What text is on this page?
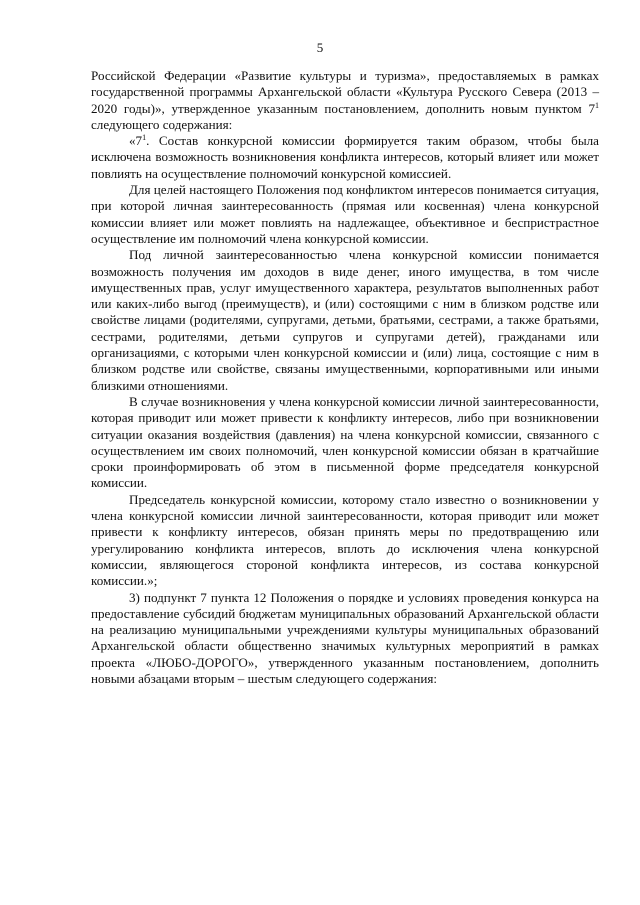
5

Российской Федерации «Развитие культуры и туризма», предоставляемых в рамках государственной программы Архангельской области «Культура Русского Севера (2013 – 2020 годы)», утвержденное указанным постановлением, дополнить новым пунктом $7^1$ следующего содержания:

«$7^1$. Состав конкурсной комиссии формируется таким образом, чтобы была исключена возможность возникновения конфликта интересов, который влияет или может повлиять на осуществление полномочий конкурсной комиссией.

Для целей настоящего Положения под конфликтом интересов понимается ситуация, при которой личная заинтересованность (прямая или косвенная) члена конкурсной комиссии влияет или может повлиять на надлежащее, объективное и беспристрастное осуществление им полномочий члена конкурсной комиссии.

Под личной заинтересованностью члена конкурсной комиссии понимается возможность получения им доходов в виде денег, иного имущества, в том числе имущественных прав, услуг имущественного характера, результатов выполненных работ или каких-либо выгод (преимуществ), и (или) состоящими с ним в близком родстве или свойстве лицами (родителями, супругами, детьми, братьями, сестрами, а также братьями, сестрами, родителями, детьми супругов и супругами детей), гражданами или организациями, с которыми член конкурсной комиссии и (или) лица, состоящие с ним в близком родстве или свойстве, связаны имущественными, корпоративными или иными близкими отношениями.

В случае возникновения у члена конкурсной комиссии личной заинтересованности, которая приводит или может привести к конфликту интересов, либо при возникновении ситуации оказания воздействия (давления) на члена конкурсной комиссии, связанного с осуществлением им своих полномочий, член конкурсной комиссии обязан в кратчайшие сроки проинформировать об этом в письменной форме председателя конкурсной комиссии.

Председатель конкурсной комиссии, которому стало известно о возникновении у члена конкурсной комиссии личной заинтересованности, которая приводит или может привести к конфликту интересов, обязан принять меры по предотвращению или урегулированию конфликта интересов, вплоть до исключения члена конкурсной комиссии, являющегося стороной конфликта интересов, из состава конкурсной комиссии.»;

3) подпункт 7 пункта 12 Положения о порядке и условиях проведения конкурса на предоставление субсидий бюджетам муниципальных образований Архангельской области на реализацию муниципальными учреждениями культуры муниципальных образований Архангельской области общественно значимых культурных мероприятий в рамках проекта «ЛЮБО-ДОРОГО», утвержденного указанным постановлением, дополнить новыми абзацами вторым – шестым следующего содержания:
